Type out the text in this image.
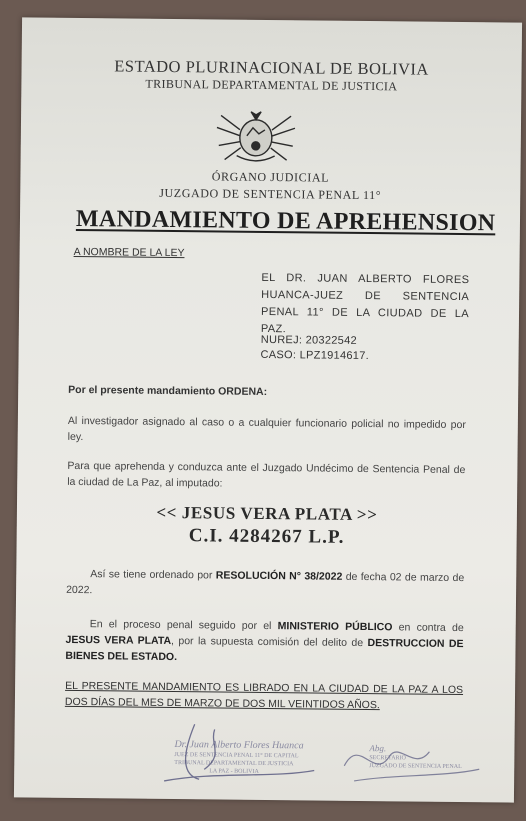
ESTADO PLURINACIONAL DE BOLIVIA
TRIBUNAL DEPARTAMENTAL DE JUSTICIA
ÓRGANO JUDICIAL
JUZGADO DE SENTENCIA PENAL 11°
MANDAMIENTO DE APREHENSION
A NOMBRE DE LA LEY
EL DR. JUAN ALBERTO FLORES HUANCA-JUEZ DE SENTENCIA PENAL 11° DE LA CIUDAD DE LA PAZ.
NUREJ: 20322542
CASO: LPZ1914617.
Por el presente mandamiento ORDENA:
Al investigador asignado al caso o a cualquier funcionario policial no impedido por ley.
Para que aprehenda y conduzca ante el Juzgado Undécimo de Sentencia Penal de la ciudad de La Paz, al imputado:
<< JESUS VERA PLATA >>
C.I. 4284267 L.P.
Así se tiene ordenado por RESOLUCIÓN N° 38/2022 de fecha 02 de marzo de 2022.
En el proceso penal seguido por el MINISTERIO PÚBLICO en contra de JESUS VERA PLATA, por la supuesta comisión del delito de DESTRUCCION DE BIENES DEL ESTADO.
EL PRESENTE MANDAMIENTO ES LIBRADO EN LA CIUDAD DE LA PAZ A LOS DOS DÍAS DEL MES DE MARZO DE DOS MIL VEINTIDOS AÑOS.
Dr. Juan Alberto Flores Huanca
JUEZ DE SENTENCIA PENAL 11° DE CAPITAL
TRIBUNAL DEPARTAMENTAL DE JUSTICIA
LA PAZ - BOLIVIA
Abg.
SECRETARIO
JUZGADO DE SENTENCIA PENAL
